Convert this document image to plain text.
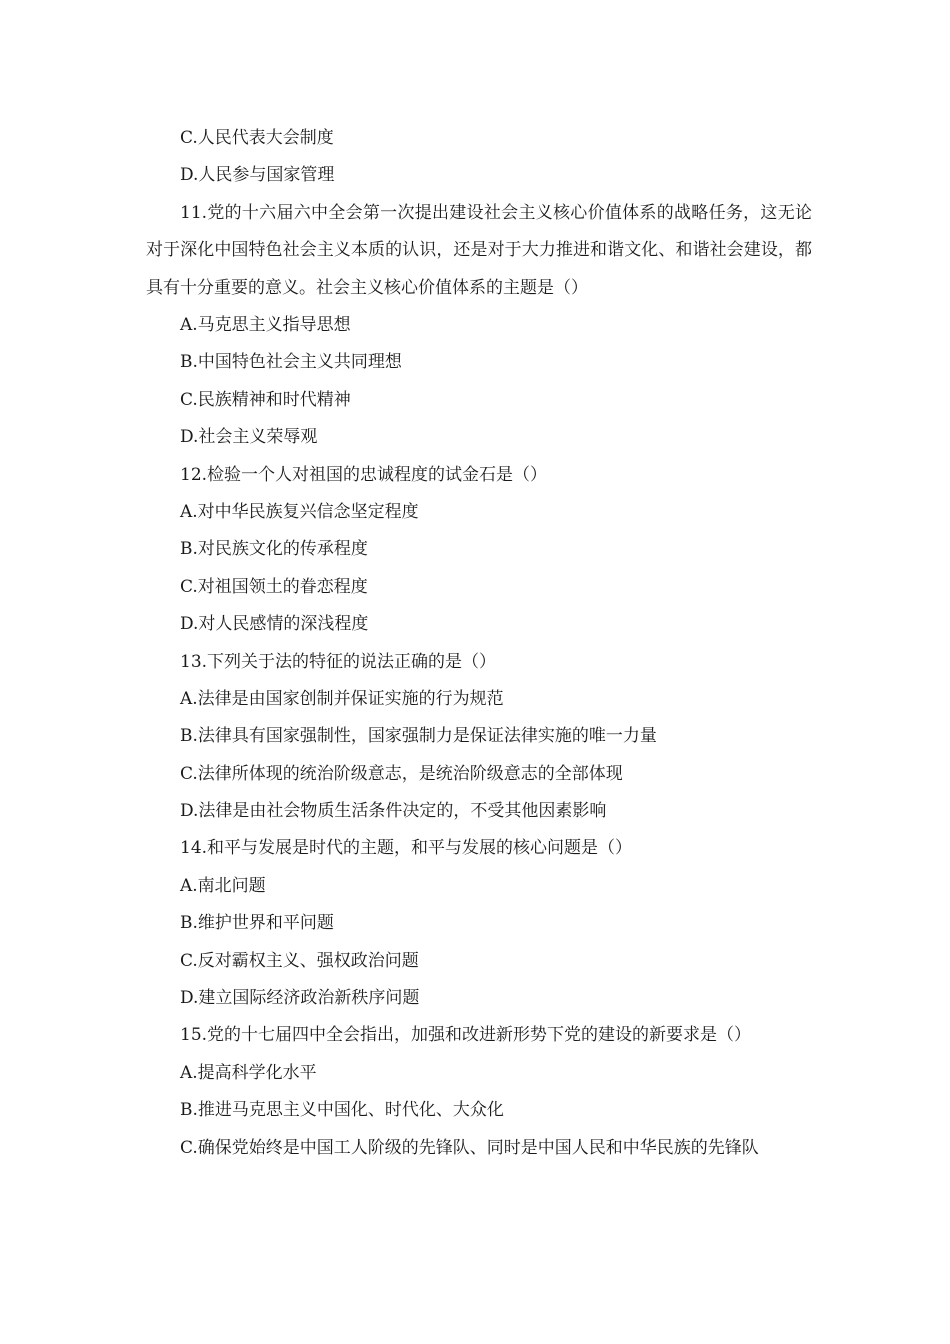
C.人民代表大会制度
D.人民参与国家管理
11.党的十六届六中全会第一次提出建设社会主义核心价值体系的战略任务，这无论对于深化中国特色社会主义本质的认识，还是对于大力推进和谐文化、和谐社会建设，都具有十分重要的意义。社会主义核心价值体系的主题是（）
A.马克思主义指导思想
B.中国特色社会主义共同理想
C.民族精神和时代精神
D.社会主义荣辱观
12.检验一个人对祖国的忠诚程度的试金石是（）
A.对中华民族复兴信念坚定程度
B.对民族文化的传承程度
C.对祖国领土的眷恋程度
D.对人民感情的深浅程度
13.下列关于法的特征的说法正确的是（）
A.法律是由国家创制并保证实施的行为规范
B.法律具有国家强制性，国家强制力是保证法律实施的唯一力量
C.法律所体现的统治阶级意志，是统治阶级意志的全部体现
D.法律是由社会物质生活条件决定的，不受其他因素影响
14.和平与发展是时代的主题，和平与发展的核心问题是（）
A.南北问题
B.维护世界和平问题
C.反对霸权主义、强权政治问题
D.建立国际经济政治新秩序问题
15.党的十七届四中全会指出，加强和改进新形势下党的建设的新要求是（）
A.提高科学化水平
B.推进马克思主义中国化、时代化、大众化
C.确保党始终是中国工人阶级的先锋队、同时是中国人民和中华民族的先锋队
